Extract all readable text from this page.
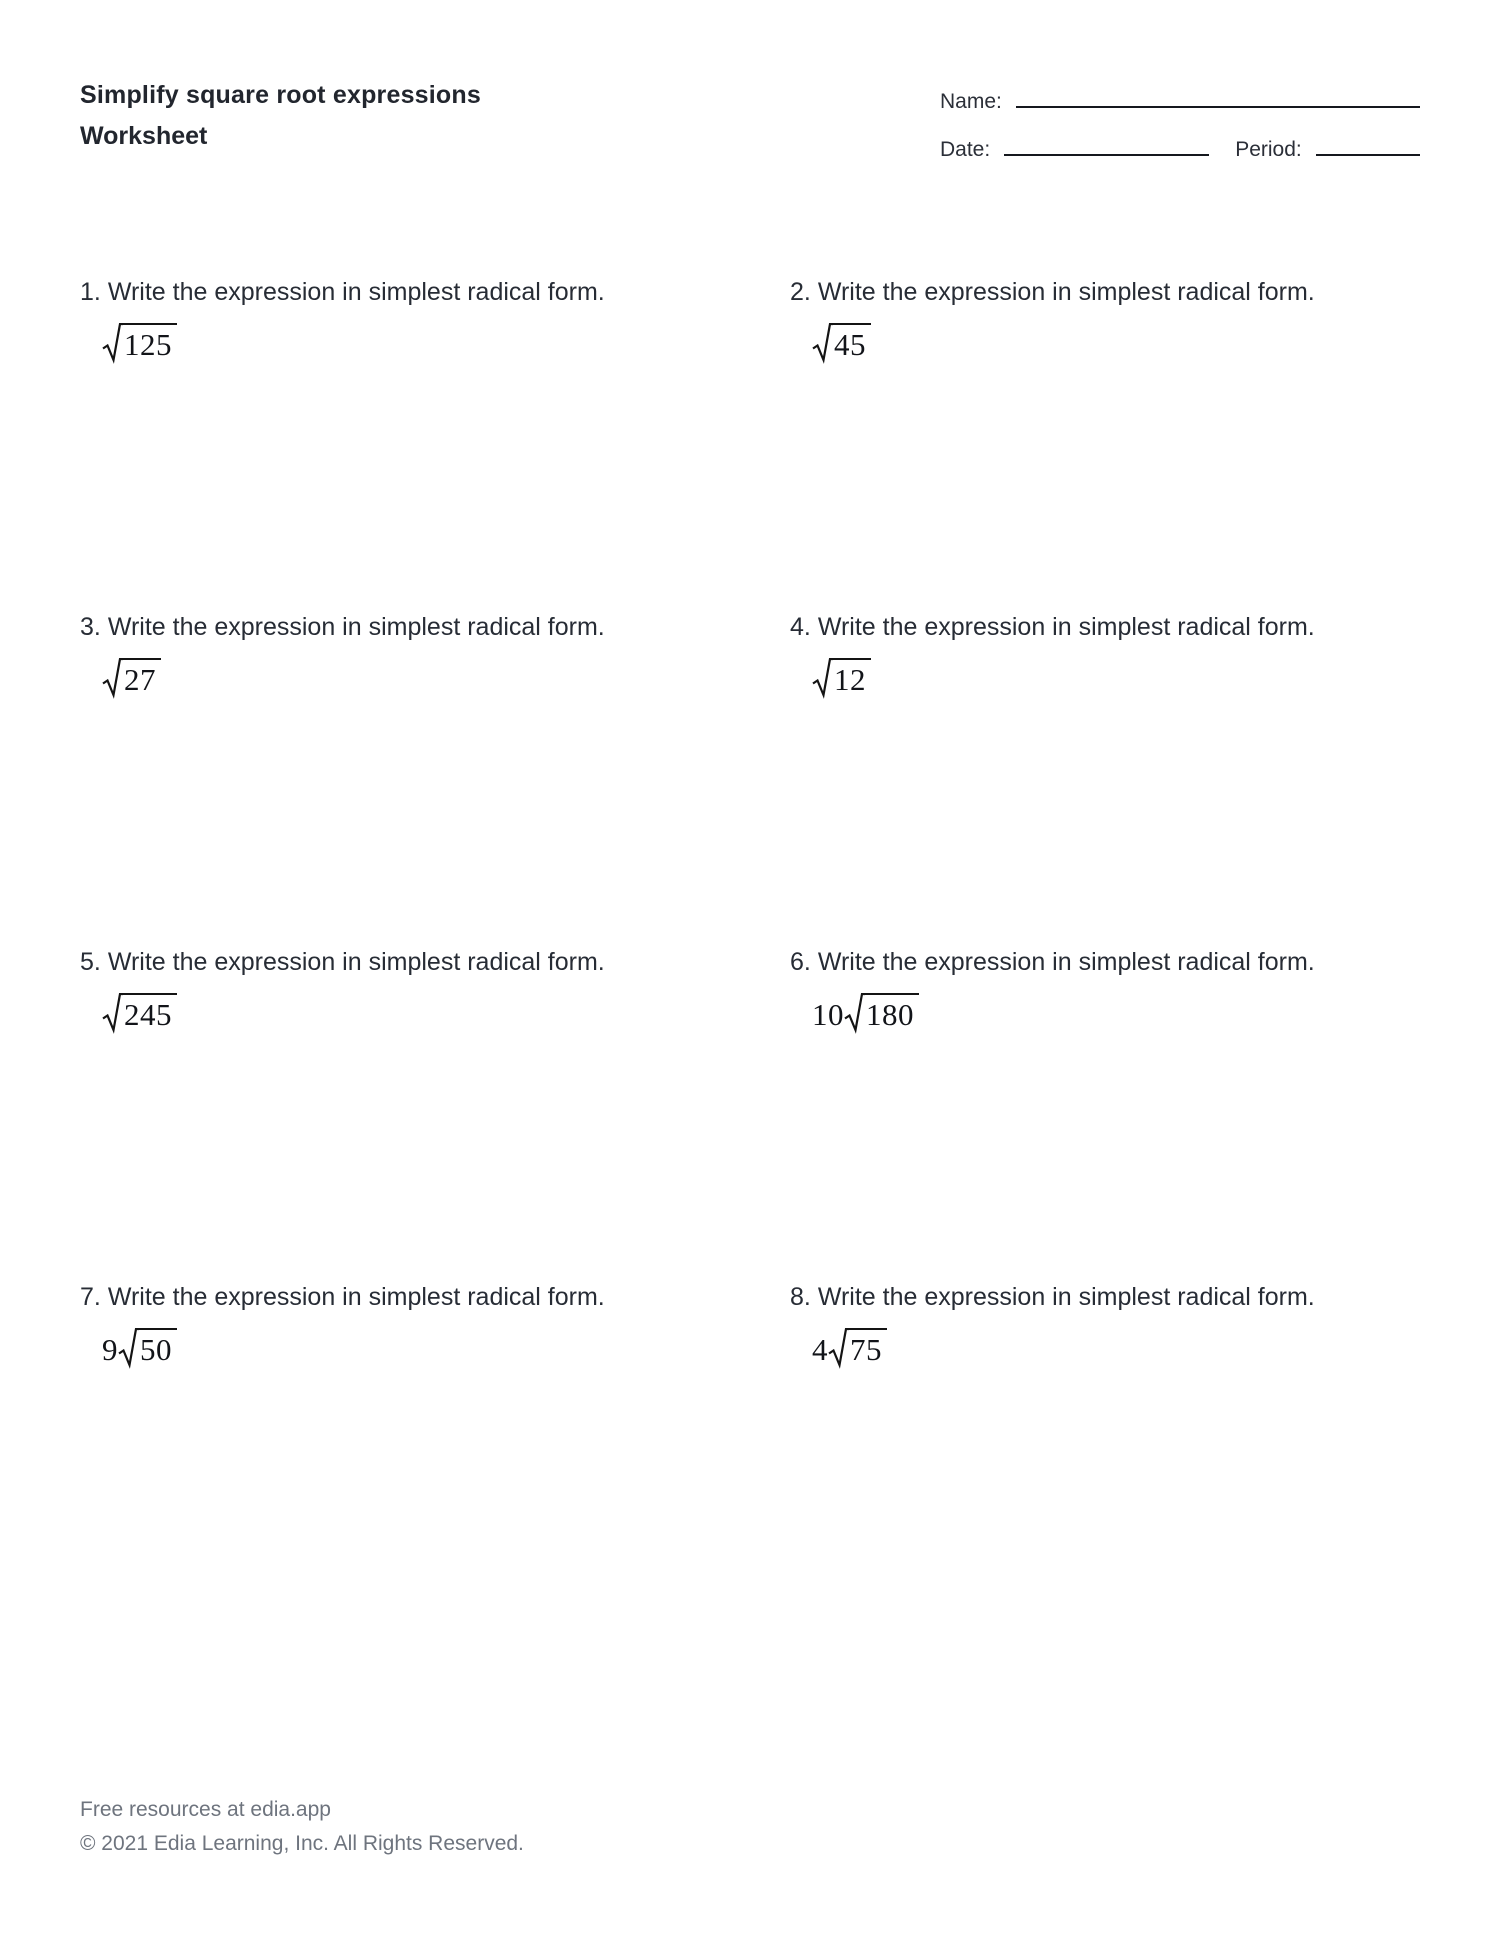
Simplify square root expressions
Worksheet
Name:
Date:	Period:
1. Write the expression in simplest radical form.
125
2. Write the expression in simplest radical form.
45
3. Write the expression in simplest radical form.
27
4. Write the expression in simplest radical form.
12
5. Write the expression in simplest radical form.
245
6. Write the expression in simplest radical form.
10 180
7. Write the expression in simplest radical form.
9 50
8. Write the expression in simplest radical form.
4 75
Free resources at edia.app
© 2021 Edia Learning, Inc. All Rights Reserved.
